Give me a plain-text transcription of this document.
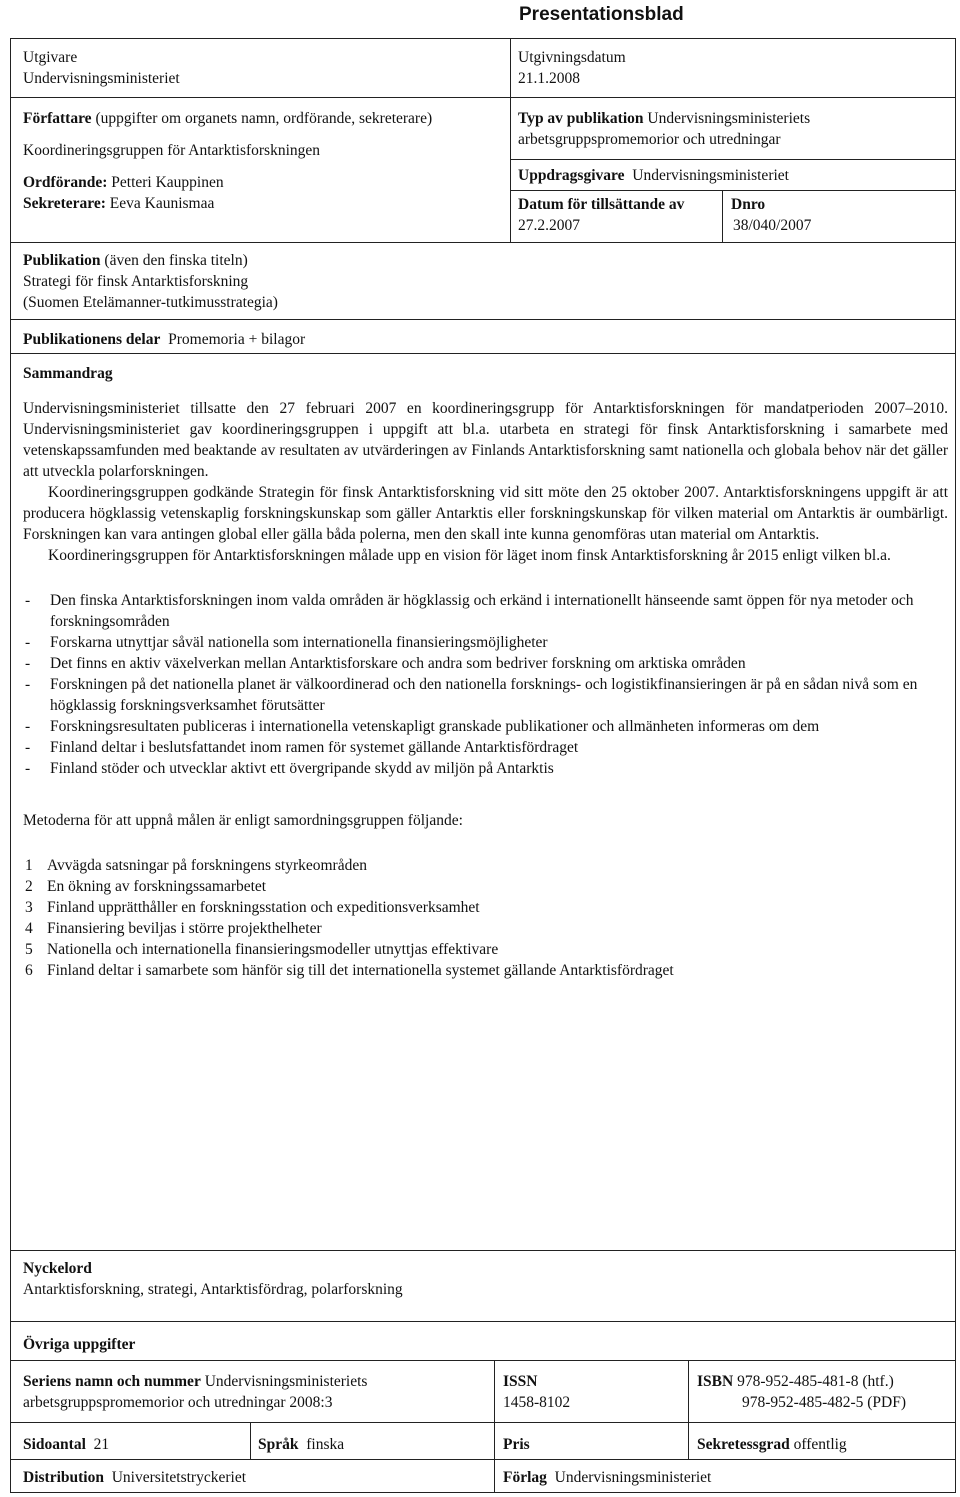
Presentationsblad
Utgivare
Undervisningsministeriet
Utgivningsdatum
21.1.2008
Författare (uppgifter om organets namn, ordförande, sekreterare)
Koordineringsgruppen för Antarktisforskningen
Ordförande: Petteri Kauppinen
Sekreterare: Eeva Kaunismaa
Typ av publikation Undervisningsministeriets
arbetsgruppspromemorior och utredningar
Uppdragsgivare Undervisningsministeriet
Datum för tillsättande av
27.2.2007
Dnro
38/040/2007
Publikation (även den finska titeln)
Strategi för finsk Antarktisforskning
(Suomen Etelämanner-tutkimusstrategia)
Publikationens delar Promemoria + bilagor
Sammandrag

Undervisningsministeriet tillsatte den 27 februari 2007 en koordineringsgrupp för Antarktisforskningen för mandatperioden 2007–2010. Undervisningsministeriet gav koordineringsgruppen i uppgift att bl.a. utarbeta en strategi för finsk Antarktisforskning i samarbete med vetenskapssamfunden med beaktande av resultaten av utvärderingen av Finlands Antarktisforskning samt nationella och globala behov när det gäller att utveckla polarforskningen.

Koordineringsgruppen godkände Strategin för finsk Antarktisforskning vid sitt möte den 25 oktober 2007. Antarktisforskningens uppgift är att producera högklassig vetenskaplig forskningskunskap som gäller Antarktis eller forskningskunskap för vilken material om Antarktis är oumbärligt. Forskningen kan vara antingen global eller gälla båda polerna, men den skall inte kunna genomföras utan material om Antarktis.

Koordineringsgruppen för Antarktisforskningen målade upp en vision för läget inom finsk Antarktisforskning år 2015 enligt vilken bl.a.

- Den finska Antarktisforskningen inom valda områden är högklassig och erkänd i internationellt hänseende samt öppen för nya metoder och forskningsområden
- Forskarna utnyttjar såväl nationella som internationella finansieringsmöjligheter
- Det finns en aktiv växelverkan mellan Antarktisforskare och andra som bedriver forskning om arktiska områden
- Forskningen på det nationella planet är välkoordinerad och den nationella forsknings- och logistikfinansieringen är på en sådan nivå som en högklassig forskningsverksamhet förutsätter
- Forskningsresultaten publiceras i internationella vetenskapligt granskade publikationer och allmänheten informeras om dem
- Finland deltar i beslutsfattandet inom ramen för systemet gällande Antarktisfördraget
- Finland stöder och utvecklar aktivt ett övergripande skydd av miljön på Antarktis
Metoderna för att uppnå målen är enligt samordningsgruppen följande:
1 Avvägda satsningar på forskningens styrkeområden
2 En ökning av forskningssamarbetet
3 Finland upprätthåller en forskningsstation och expeditionsverksamhet
4 Finansiering beviljas i större projekthelheter
5 Nationella och internationella finansieringsmodeller utnyttjas effektivare
6 Finland deltar i samarbete som hänför sig till det internationella systemet gällande Antarktisfördraget
Nyckelord
Antarktisforskning, strategi, Antarktisfördrag, polarforskning
Övriga uppgifter
Seriens namn och nummer Undervisningsministeriets
arbetsgruppspromemorior och utredningar 2008:3
ISSN
1458-8102
ISBN 978-952-485-481-8 (htf.)
978-952-485-482-5 (PDF)
Sidoantal 21	Språk finska	Pris	Sekretessgrad offentlig
Distribution Universitetstryckeriet	Förlag Undervisningsministeriet
